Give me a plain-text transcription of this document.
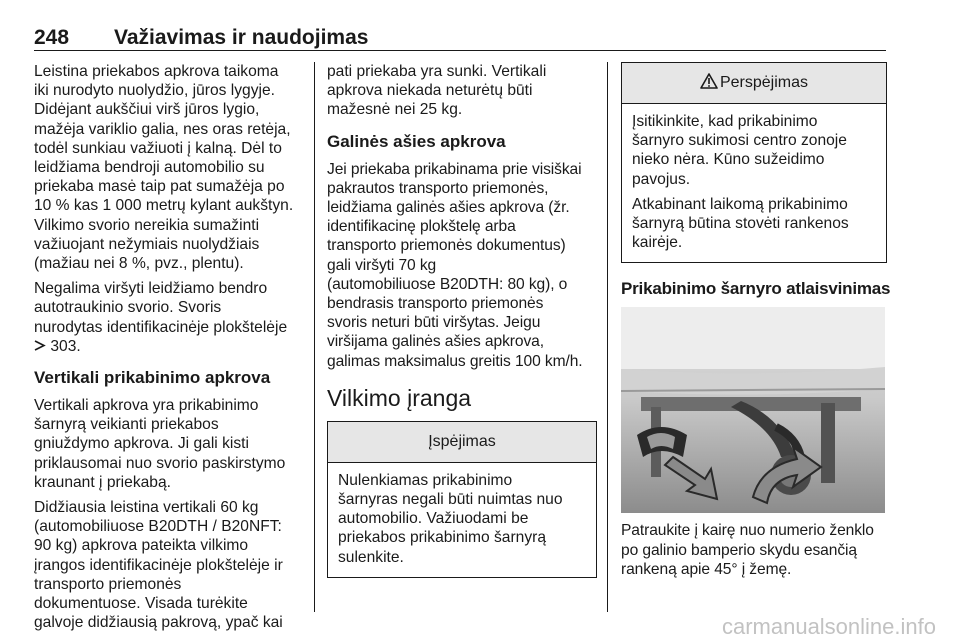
248 Važiavimas ir naudojimas

Leistina priekabos apkrova taikoma
iki nurodyto nuolydžio, jūros lygyje.
Didėjant aukščiui virš jūros lygio,
mažėja variklio galia, nes oras retėja,
todėl sunkiau važiuoti į kalną. Dėl to
leidžiama bendroji automobilio su
priekaba masė taip pat sumažėja po
10 % kas 1 000 metrų kylant aukštyn.
Vilkimo svorio nereikia sumažinti
važiuojant nežymiais nuolydžiais
(mažiau nei 8 %, pvz., plentu).

Negalima viršyti leidžiamo bendro
autotraukinio svorio. Svoris
nurodytas identifikacinėje plokštelėje
303.

Vertikali prikabinimo apkrova

Vertikali apkrova yra prikabinimo
šarnyrą veikianti priekabos
gniuždymo apkrova. Ji gali kisti
priklausomai nuo svorio paskirstymo
kraunant į priekabą.

Didžiausia leistina vertikali 60 kg
(automobiliuose B20DTH / B20NFT:
90 kg) apkrova pateikta vilkimo
įrangos identifikacinėje plokštelėje ir
transporto priemonės
dokumentuose. Visada turėkite
galvoje didžiausią pakrovą, ypač kai

pati priekaba yra sunki. Vertikali
apkrova niekada neturėtų būti
mažesnė nei 25 kg.

Galinės ašies apkrova

Jei priekaba prikabinama prie visiškai
pakrautos transporto priemonės,
leidžiama galinės ašies apkrova (žr.
identifikacinę plokštelę arba
transporto priemonės dokumentus)
gali viršyti 70 kg
(automobiliuose B20DTH: 80 kg), o
bendrasis transporto priemonės
svoris neturi būti viršytas. Jeigu
viršijama galinės ašies apkrova,
galimas maksimalus greitis 100 km/h.

Vilkimo įranga
Įspėjimas

Nulenkiamas prikabinimo
šarnyras negali būti nuimtas nuo
automobilio. Važiuodami be
priekabos prikabinimo šarnyrą
sulenkite.

Perspėjimas

Įsitikinkite, kad prikabinimo
šarnyro sukimosi centro zonoje
nieko nėra. Kūno sužeidimo
pavojus.

Atkabinant laikomą prikabinimo
šarnyrą būtina stovėti rankenos
kairėje.

Prikabinimo šarnyro atlaisvinimas

Patraukite į kairę nuo numerio ženklo
po galinio bamperio skydu esančią
rankeną apie 45° į žemę.

carmanualsonline.info
